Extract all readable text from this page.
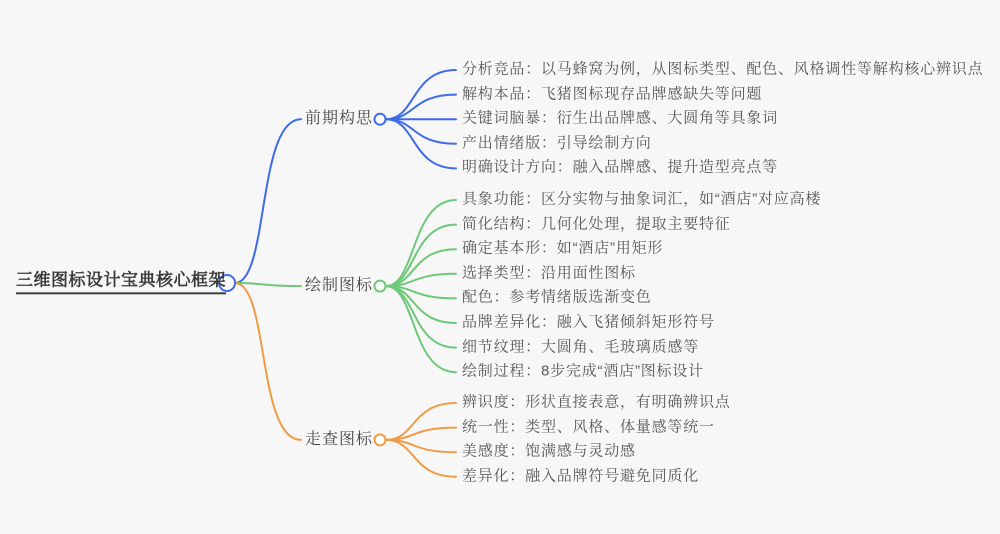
三维图标设计宝典核心框架
分析竞品：以马蜂窝为例，从图标类型、配色、风格调性等解构核心辨识点
解构本品：飞猪图标现存品牌感缺失等问题
关键词脑暴：衍生出品牌感、大圆角等具象词
产出情绪版：引导绘制方向
明确设计方向：融入品牌感、提升造型亮点等
前期构思
具象功能：区分实物与抽象词汇，如“酒店”对应高楼
简化结构：几何化处理，提取主要特征
确定基本形：如“酒店”用矩形
选择类型：沿用面性图标
配色：参考情绪版选渐变色
品牌差异化：融入飞猪倾斜矩形符号
细节纹理：大圆角、毛玻璃质感等
绘制过程：8步完成“酒店”图标设计
绘制图标
辨识度：形状直接表意，有明确辨识点
统一性：类型、风格、体量感等统一
美感度：饱满感与灵动感
差异化：融入品牌符号避免同质化
走查图标
